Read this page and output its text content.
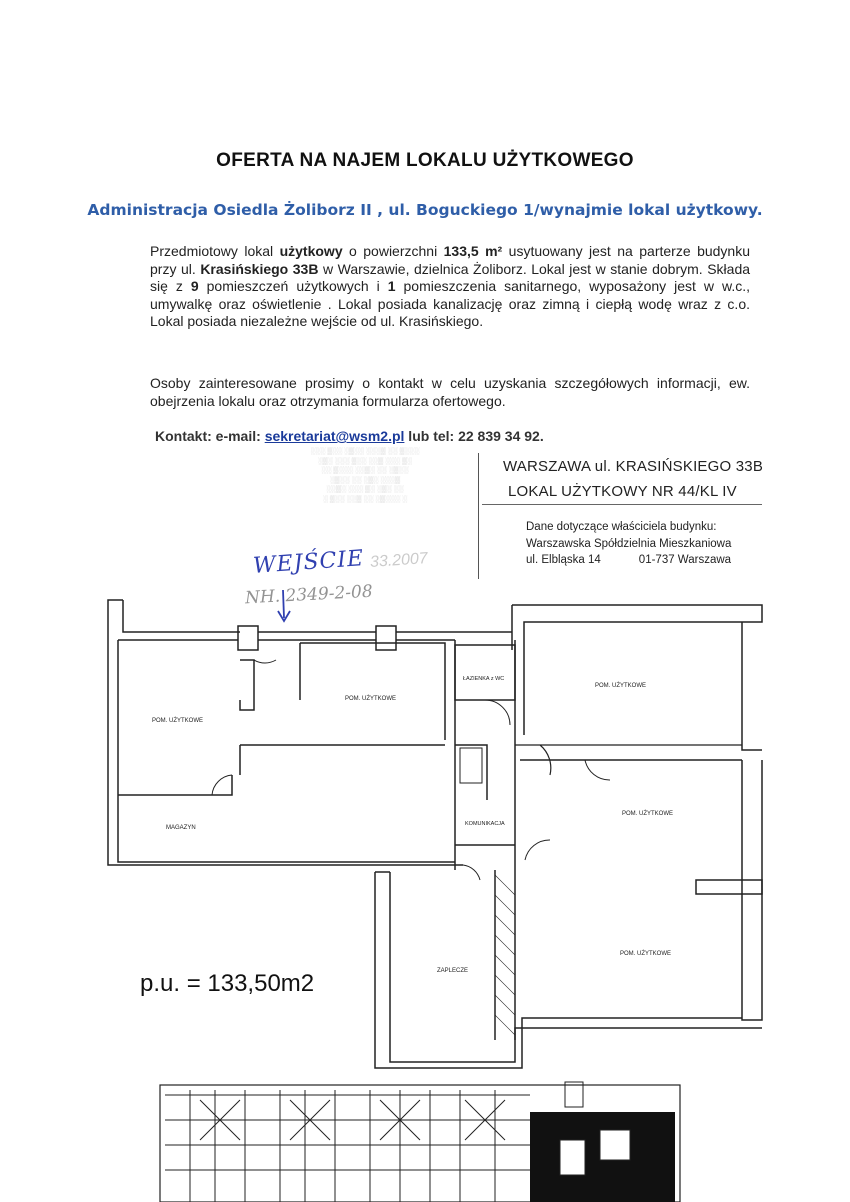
OFERTA NA NAJEM LOKALU UŻYTKOWEGO
Administracja Osiedla Żoliborz II , ul. Boguckiego 1/wynajmie lokal użytkowy.
Przedmiotowy lokal użytkowy o powierzchni 133,5 m² usytuowany jest na parterze budynku przy ul. Krasińskiego 33B w Warszawie, dzielnica Żoliborz. Lokal jest w stanie dobrym. Składa się z 9 pomieszczeń użytkowych i 1 pomieszczenia sanitarnego, wyposażony jest w w.c., umywalkę oraz oświetlenie . Lokal posiada kanalizację oraz zimną i ciepłą wodę wraz z c.o. Lokal posiada niezależne wejście od ul. Krasińskiego.
Osoby zainteresowane prosimy o kontakt w celu uzyskania szczegółowych informacji, ew. obejrzenia lokalu oraz otrzymania formularza ofertowego.
Kontakt: e-mail: sekretariat@wsm2.pl lub tel: 22 839 34 92.
░░░ ▒░░ ░▒░░ ░░░▒ ░░ ▒░░░
░▒░ ░░░ ▒░░ ░░▒ ░░░ ▒░
░░ ▒░░░ ░░▒░ ░░ ░▒░░
░▒░░ ░░ ░▒░ ░░░▒
░░▒░ ░░░ ▒░ ░▒░ ░░
░ ▒░░ ░░▒ ░░ ░▒░░░ ░
WARSZAWA ul. KRASIŃSKIEGO 33B
LOKAL UŻYTKOWY NR 44/KL IV
Dane dotyczące właściciela budynku:
Warszawska Spółdzielnia Mieszkaniowa
ul. Elbląska 14	01-737 Warszawa
WEJŚCIE 33.2007
NH. 2349-2-08
POM. UŻYTKOWE
POM. UŻYTKOWE
ŁAZIENKA z WC
POM. UŻYTKOWE
MAGAZYN
POM. UŻYTKOWE
KOMUNIKACJA
ZAPLECZE
POM. UŻYTKOWE
p.u. = 133,50m2
